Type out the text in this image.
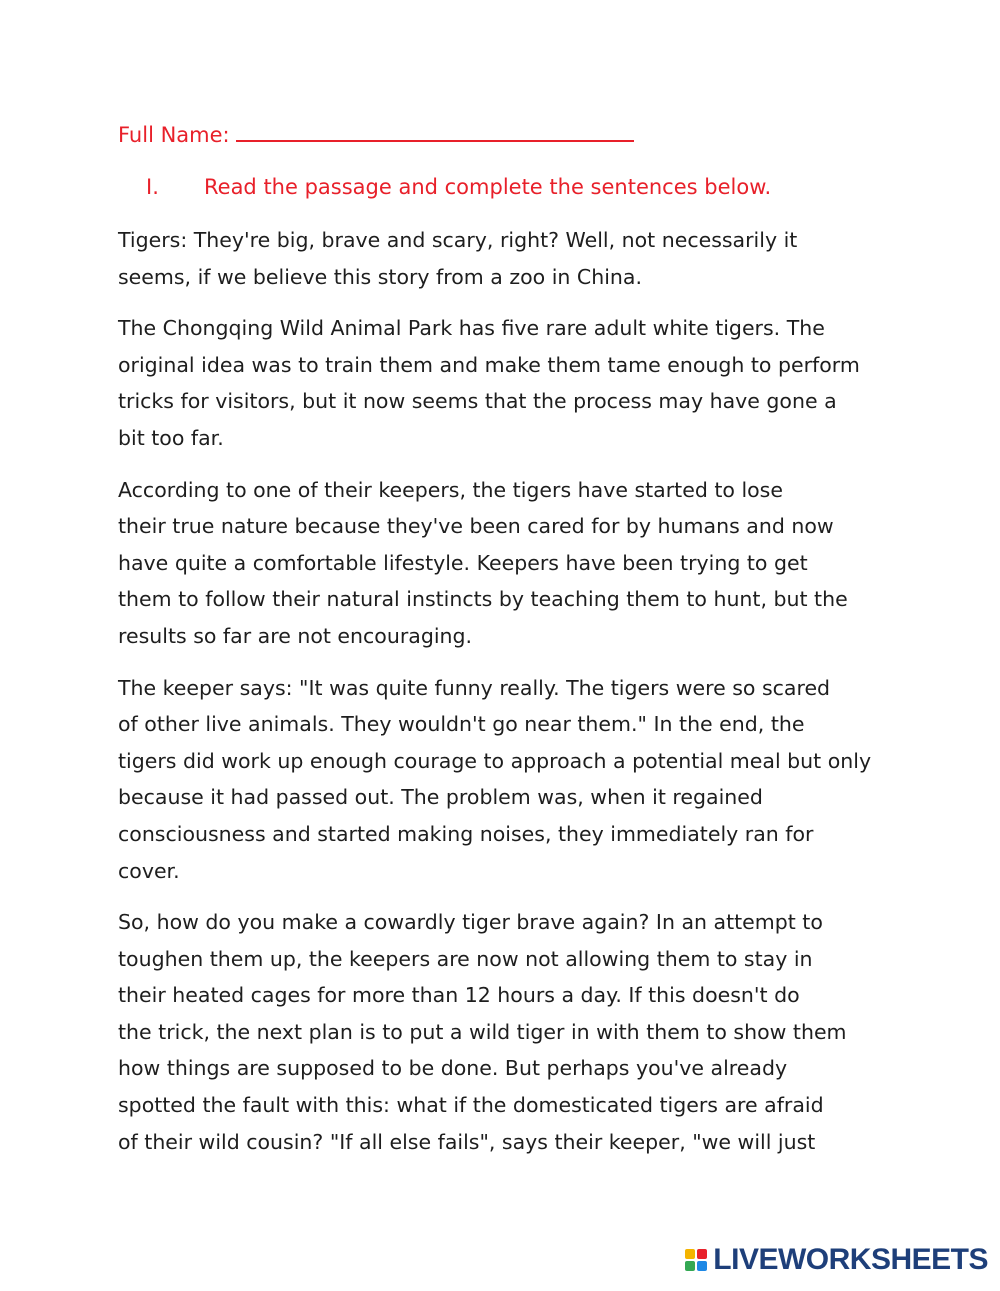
Full Name:
I. Read the passage and complete the sentences below.

Tigers: They're big, brave and scary, right? Well, not necessarily it
seems, if we believe this story from a zoo in China.

The Chongqing Wild Animal Park has five rare adult white tigers. The
original idea was to train them and make them tame enough to perform
tricks for visitors, but it now seems that the process may have gone a
bit too far.

According to one of their keepers, the tigers have started to lose
their true nature because they've been cared for by humans and now
have quite a comfortable lifestyle. Keepers have been trying to get
them to follow their natural instincts by teaching them to hunt, but the
results so far are not encouraging.

The keeper says: "It was quite funny really. The tigers were so scared
of other live animals. They wouldn't go near them." In the end, the
tigers did work up enough courage to approach a potential meal but only
because it had passed out. The problem was, when it regained
consciousness and started making noises, they immediately ran for
cover.

So, how do you make a cowardly tiger brave again? In an attempt to
toughen them up, the keepers are now not allowing them to stay in
their heated cages for more than 12 hours a day. If this doesn't do
the trick, the next plan is to put a wild tiger in with them to show them
how things are supposed to be done. But perhaps you've already
spotted the fault with this: what if the domesticated tigers are afraid
of their wild cousin? "If all else fails", says their keeper, "we will just

LIVEWORKSHEETS
